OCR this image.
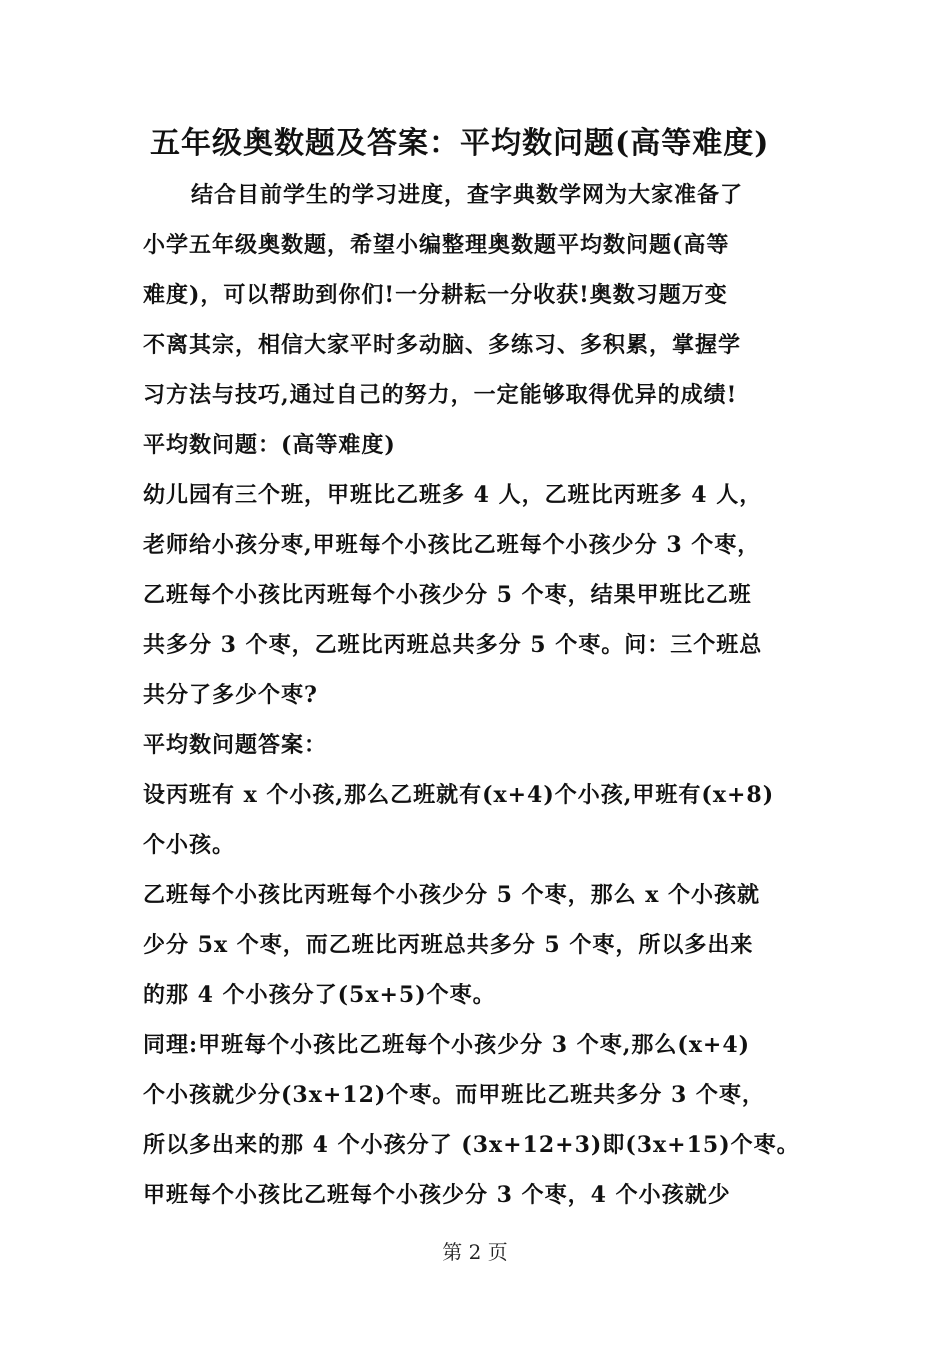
五年级奥数题及答案：平均数问题(高等难度)
结合目前学生的学习进度，查字典数学网为大家准备了
小学五年级奥数题，希望小编整理奥数题平均数问题(高等
难度)，可以帮助到你们!一分耕耘一分收获!奥数习题万变
不离其宗，相信大家平时多动脑、多练习、多积累，掌握学
习方法与技巧,通过自己的努力，一定能够取得优异的成绩!
平均数问题：(高等难度)
幼儿园有三个班，甲班比乙班多 4 人，乙班比丙班多 4 人，
老师给小孩分枣,甲班每个小孩比乙班每个小孩少分 3 个枣，
乙班每个小孩比丙班每个小孩少分 5 个枣，结果甲班比乙班
共多分 3 个枣，乙班比丙班总共多分 5 个枣。问：三个班总
共分了多少个枣?
平均数问题答案：
设丙班有 x 个小孩,那么乙班就有(x+4)个小孩,甲班有(x+8)
个小孩。
乙班每个小孩比丙班每个小孩少分 5 个枣，那么 x 个小孩就
少分 5x 个枣，而乙班比丙班总共多分 5 个枣，所以多出来
的那 4 个小孩分了(5x+5)个枣。
同理:甲班每个小孩比乙班每个小孩少分 3 个枣,那么(x+4)
个小孩就少分(3x+12)个枣。而甲班比乙班共多分 3 个枣，
所以多出来的那 4 个小孩分了 (3x+12+3)即(3x+15)个枣。
甲班每个小孩比乙班每个小孩少分 3 个枣，4 个小孩就少
第 2 页
